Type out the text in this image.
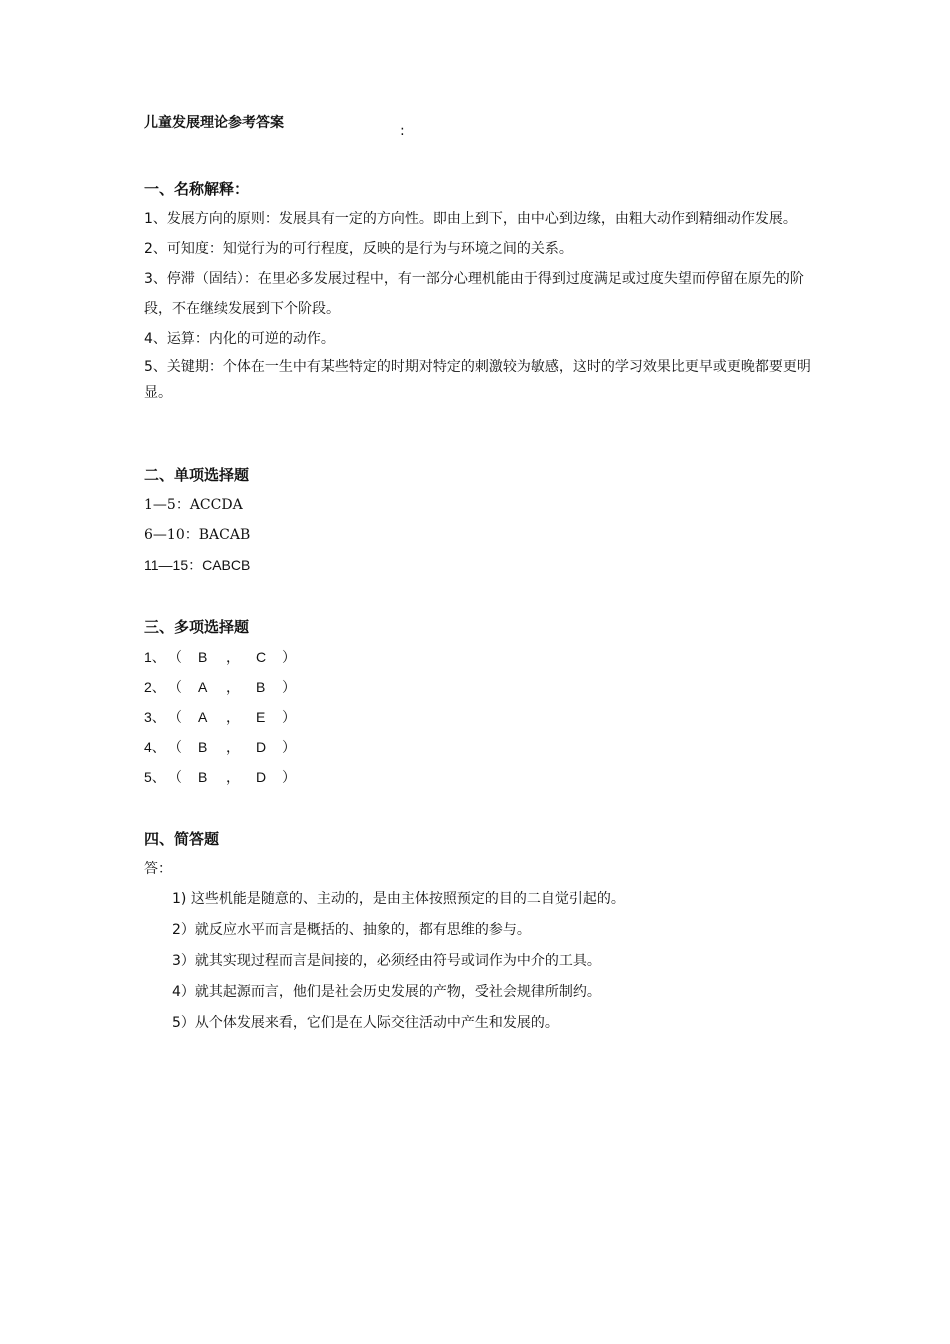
儿童发展理论参考答案	:
一、名称解释：

1、发展方向的原则：发展具有一定的方向性。即由上到下，由中心到边缘，由粗大动作到精细动作发展。

2、可知度：知觉行为的可行程度，反映的是行为与环境之间的关系。

3、停滞（固结）：在里必多发展过程中，有一部分心理机能由于得到过度满足或过度失望而停留在原先的阶段，不在继续发展到下个阶段。

4、运算：内化的可逆的动作。

5、关键期：个体在一生中有某些特定的时期对特定的刺激较为敏感，这时的学习效果比更早或更晚都要更明显。

二、单项选择题

1—5：ACCDA

6—10：BACAB

11—15：CABCB

三、多项选择题
1、 （ B ， C ）
2、 （ A ， B ）
3、 （ A ， E ）
4、 （ B ， D ）
5、 （ B ， D ）
四、简答题

答：

1) 这些机能是随意的、主动的，是由主体按照预定的目的二自觉引起的。
2）就反应水平而言是概括的、抽象的，都有思维的参与。
3）就其实现过程而言是间接的，必须经由符号或词作为中介的工具。
4）就其起源而言，他们是社会历史发展的产物，受社会规律所制约。
5）从个体发展来看，它们是在人际交往活动中产生和发展的。
